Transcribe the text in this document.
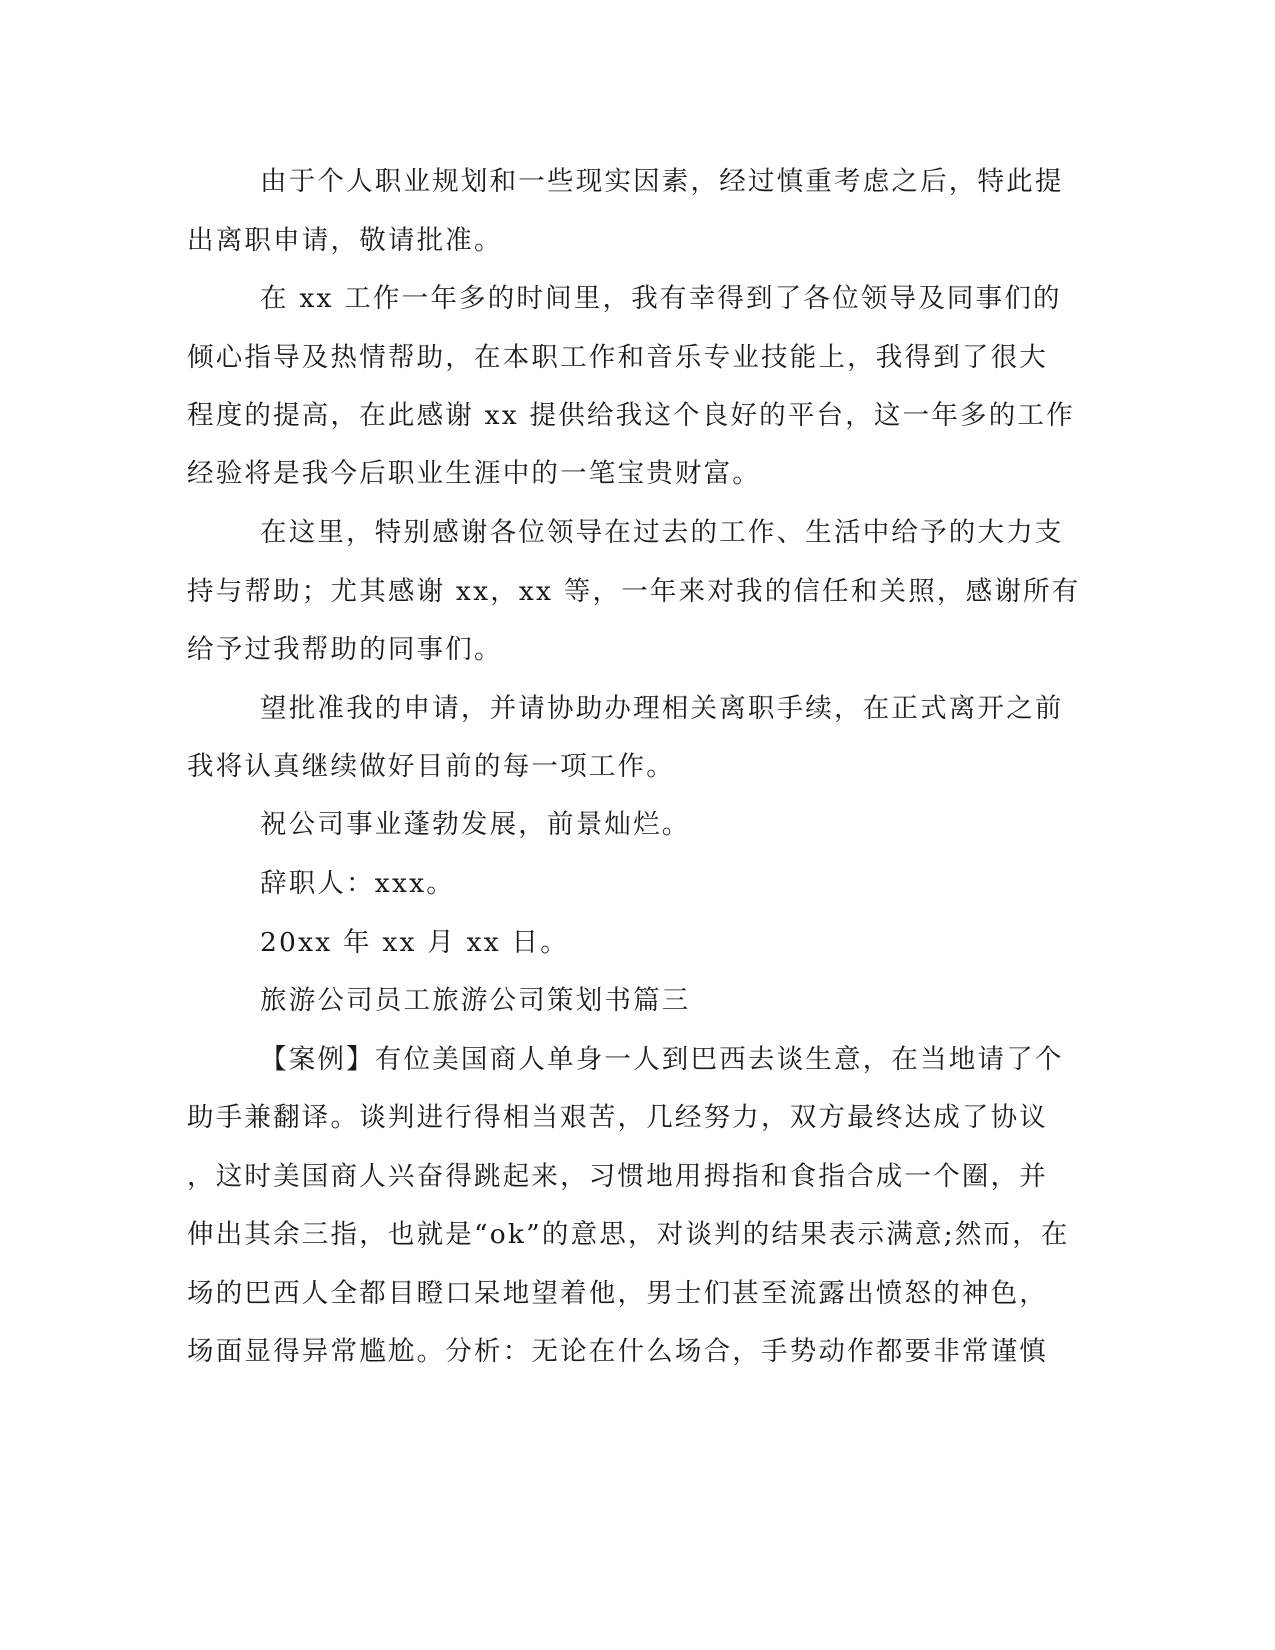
由于个人职业规划和一些现实因素，经过慎重考虑之后，特此提
出离职申请，敬请批准。
在 xx 工作一年多的时间里，我有幸得到了各位领导及同事们的
倾心指导及热情帮助，在本职工作和音乐专业技能上，我得到了很大
程度的提高，在此感谢 xx 提供给我这个良好的平台，这一年多的工作
经验将是我今后职业生涯中的一笔宝贵财富。
在这里，特别感谢各位领导在过去的工作、生活中给予的大力支
持与帮助；尤其感谢 xx，xx 等，一年来对我的信任和关照，感谢所有
给予过我帮助的同事们。
望批准我的申请，并请协助办理相关离职手续，在正式离开之前
我将认真继续做好目前的每一项工作。
祝公司事业蓬勃发展，前景灿烂。
辞职人：xxx。
20xx 年 xx 月 xx 日。
旅游公司员工旅游公司策划书篇三
【案例】有位美国商人单身一人到巴西去谈生意，在当地请了个
助手兼翻译。谈判进行得相当艰苦，几经努力，双方最终达成了协议
，这时美国商人兴奋得跳起来，习惯地用拇指和食指合成一个圈，并
伸出其余三指，也就是“ok”的意思，对谈判的结果表示满意;然而，在
场的巴西人全都目瞪口呆地望着他，男士们甚至流露出愤怒的神色，
场面显得异常尴尬。分析：无论在什么场合，手势动作都要非常谨慎
